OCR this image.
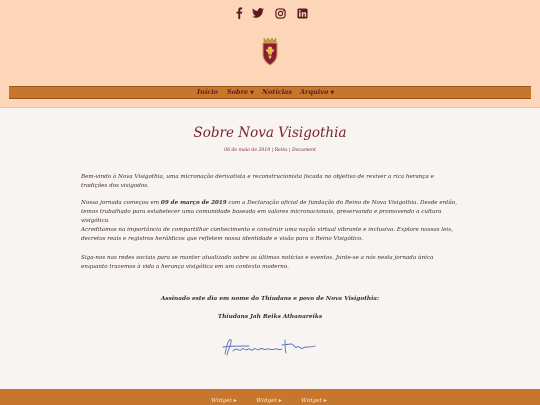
Início Sobre ▼ Notícias Arquivo ▼
Sobre Nova Visigothia
06 de maio de 2019 | Reiks | Document

Bem-vindo à Nova Visigothia, uma micronação derivatista e reconstrucionista focada no objetivo de reviver a rica herança e tradições dos visigodos.

Nossa jornada começou em 09 de março de 2019 com a Declaração oficial de fundação do Reino de Nova Visigothia. Desde então, temos trabalhado para estabelecer uma comunidade baseada em valores micronacionais, preservando e promovendo a cultura visigótica.

Acreditamos na importância de compartilhar conhecimento e construir uma nação virtual vibrante e inclusiva. Explore nossas leis, decretos reais e registros heráldicos que refletem nossa identidade e visão para o Reino Visigótico.

Siga-nos nas redes sociais para se manter atualizado sobre as últimas notícias e eventos. Junte-se a nós nesta jornada única enquanto trazemos à vida a herança visigótica em um contexto moderno.

Assinado este dia em nome do Thiudans e povo de Nova Visigothia:

Thiudans Jah Reiks Athanareiks

Widget ▸	Widget ▸	Widget ▸
